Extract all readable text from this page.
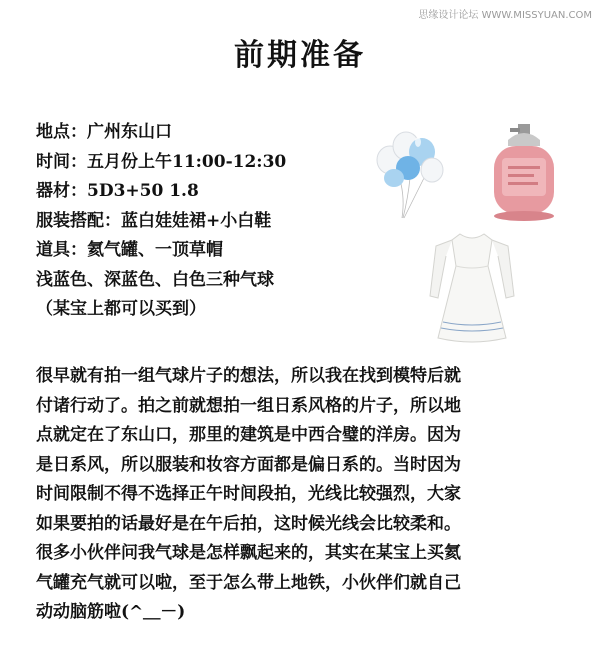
思缘设计论坛 WWW.MISSYUAN.COM
前期准备
地点：广州东山口
时间：五月份上午11:00-12:30
器材：5D3+50 1.8
服装搭配：蓝白娃娃裙+小白鞋
道具：氦气罐、一顶草帽
浅蓝色、深蓝色、白色三种气球
（某宝上都可以买到）
很早就有拍一组气球片子的想法，所以我在找到模特后就
付诸行动了。拍之前就想拍一组日系风格的片子，所以地
点就定在了东山口，那里的建筑是中西合璧的洋房。因为
是日系风，所以服装和妆容方面都是偏日系的。当时因为
时间限制不得不选择正午时间段拍，光线比较强烈，大家
如果要拍的话最好是在午后拍，这时候光线会比较柔和。
很多小伙伴问我气球是怎样飘起来的，其实在某宝上买氦
气罐充气就可以啦，至于怎么带上地铁，小伙伴们就自己
动动脑筋啦(^＿－)
